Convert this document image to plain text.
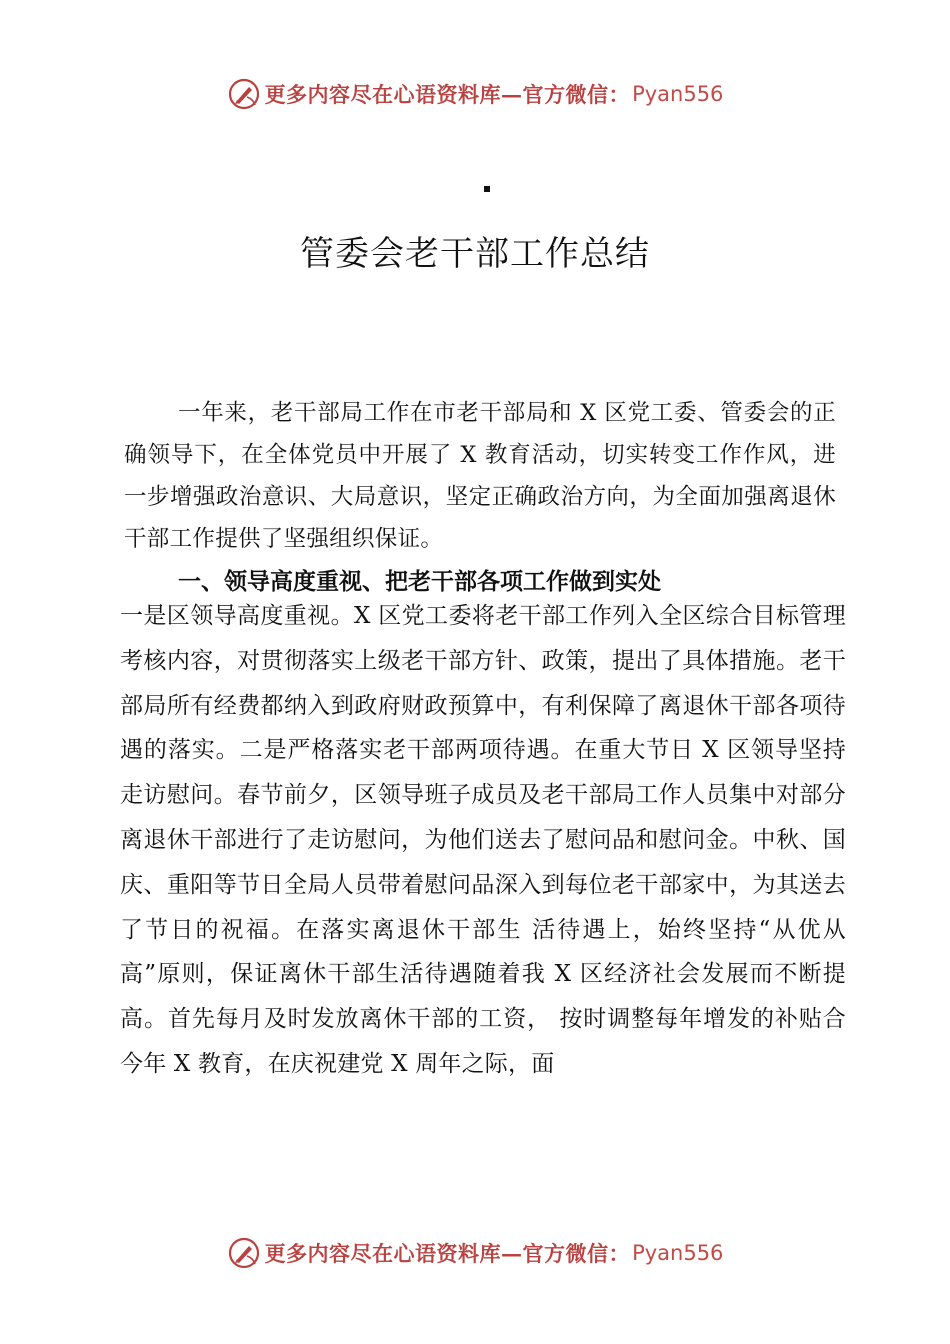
更多内容尽在心语资料库—官方微信： Pyan556
管委会老干部工作总结

一年来，老干部局工作在市老干部局和 X 区党工委、管委会的正确领导下，在全体党员中开展了 X 教育活动，切实转变工作作风，进一步增强政治意识、大局意识，坚定正确政治方向，为全面加强离退休干部工作提供了坚强组织保证。

一、领导高度重视、把老干部各项工作做到实处

一是区领导高度重视。X 区党工委将老干部工作列入全区综合目标管理考核内容，对贯彻落实上级老干部方针、政策，提出了具体措施。老干部局所有经费都纳入到政府财政预算中，有利保障了离退休干部各项待遇的落实。二是严格落实老干部两项待遇。在重大节日 X 区领导坚持走访慰问。春节前夕，区领导班子成员及老干部局工作人员集中对部分离退休干部进行了走访慰问，为他们送去了慰问品和慰问金。中秋、国庆、重阳等节日全局人员带着慰问品深入到每位老干部家中，为其送去了节日的祝福。在落实离退休干部生 活待遇上，始终坚持“从优从高”原则，保证离休干部生活待遇随着我 X 区经济社会发展而不断提高。首先每月及时发放离休干部的工资， 按时调整每年增发的补贴合今年 X 教育，在庆祝建党 X 周年之际，面

更多内容尽在心语资料库—官方微信： Pyan556
